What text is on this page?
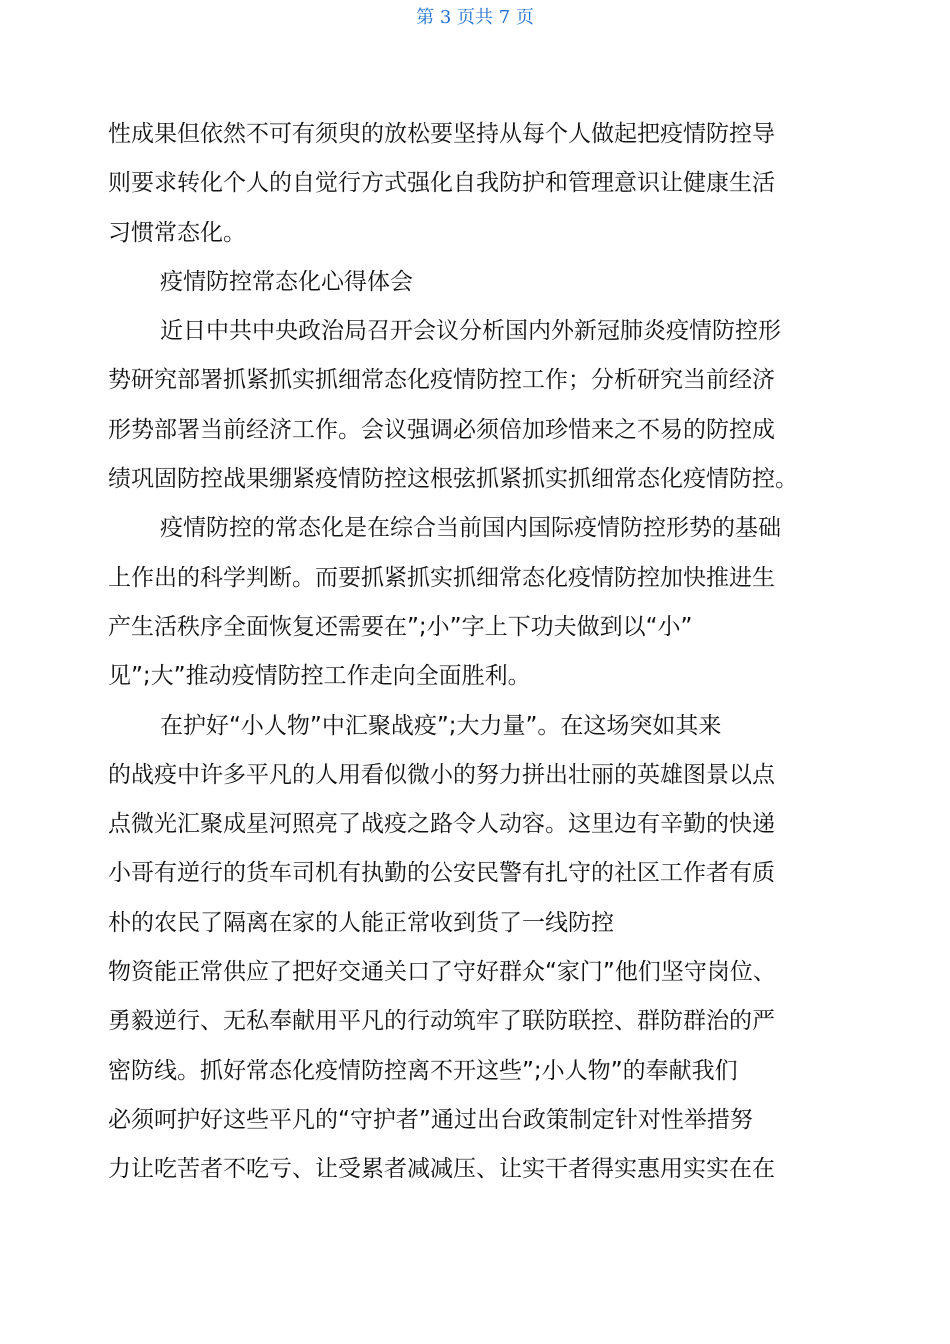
第 3 页共 7 页
性成果但依然不可有须臾的放松要坚持从每个人做起把疫情防控导
则要求转化个人的自觉行方式强化自我防护和管理意识让健康生活
习惯常态化。
疫情防控常态化心得体会
近日中共中央政治局召开会议分析国内外新冠肺炎疫情防控形
势研究部署抓紧抓实抓细常态化疫情防控工作；分析研究当前经济
形势部署当前经济工作。会议强调必须倍加珍惜来之不易的防控成
绩巩固防控战果绷紧疫情防控这根弦抓紧抓实抓细常态化疫情防控。
疫情防控的常态化是在综合当前国内国际疫情防控形势的基础
上作出的科学判断。而要抓紧抓实抓细常态化疫情防控加快推进生
产生活秩序全面恢复还需要在”;小”字上下功夫做到以“小”
见”;大”推动疫情防控工作走向全面胜利。
在护好“小人物”中汇聚战疫”;大力量”。在这场突如其来
的战疫中许多平凡的人用看似微小的努力拼出壮丽的英雄图景以点
点微光汇聚成星河照亮了战疫之路令人动容。这里边有辛勤的快递
小哥有逆行的货车司机有执勤的公安民警有扎守的社区工作者有质
朴的农民了隔离在家的人能正常收到货了一线防控
物资能正常供应了把好交通关口了守好群众“家门”他们坚守岗位、
勇毅逆行、无私奉献用平凡的行动筑牢了联防联控、群防群治的严
密防线。抓好常态化疫情防控离不开这些”;小人物”的奉献我们
必须呵护好这些平凡的“守护者”通过出台政策制定针对性举措努
力让吃苦者不吃亏、让受累者减减压、让实干者得实惠用实实在在
